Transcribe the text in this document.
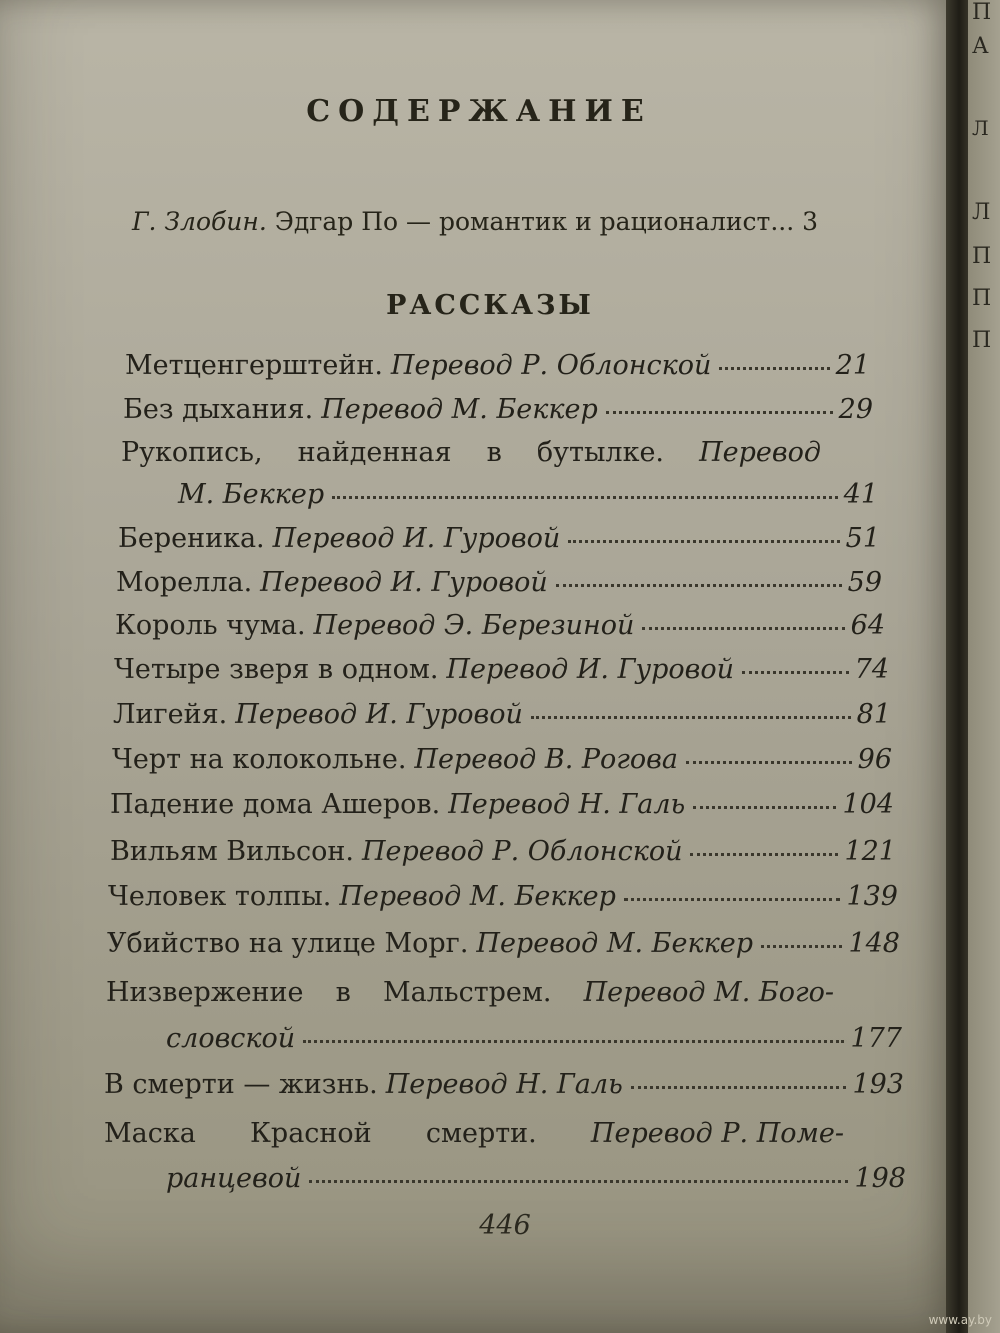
П
А
Л
Л
П
П
П
СОДЕРЖАНИЕ
Г. Злобин. Эдгар По — романтик и рационалист... 3
РАССКАЗЫ
Метценгерштейн. Перевод Р. Облонской	21
Без дыхания. Перевод М. Беккер	29
Рукопись, найденная в бутылке. Перевод
М. Беккер	41
Береника. Перевод И. Гуровой	51
Морелла. Перевод И. Гуровой	59
Король чума. Перевод Э. Березиной	64
Четыре зверя в одном. Перевод И. Гуровой	74
Лигейя. Перевод И. Гуровой	81
Черт на колокольне. Перевод В. Рогова	96
Падение дома Ашеров. Перевод Н. Галь	104
Вильям Вильсон. Перевод Р. Облонской	121
Человек толпы. Перевод М. Беккер	139
Убийство на улице Морг. Перевод М. Беккер	148
Низвержение в Мальстрем. Перевод М. Бого-
словской	177
В смерти — жизнь. Перевод Н. Галь	193
Маска Красной смерти. Перевод Р. Поме-
ранцевой	198
446
www.ay.by
